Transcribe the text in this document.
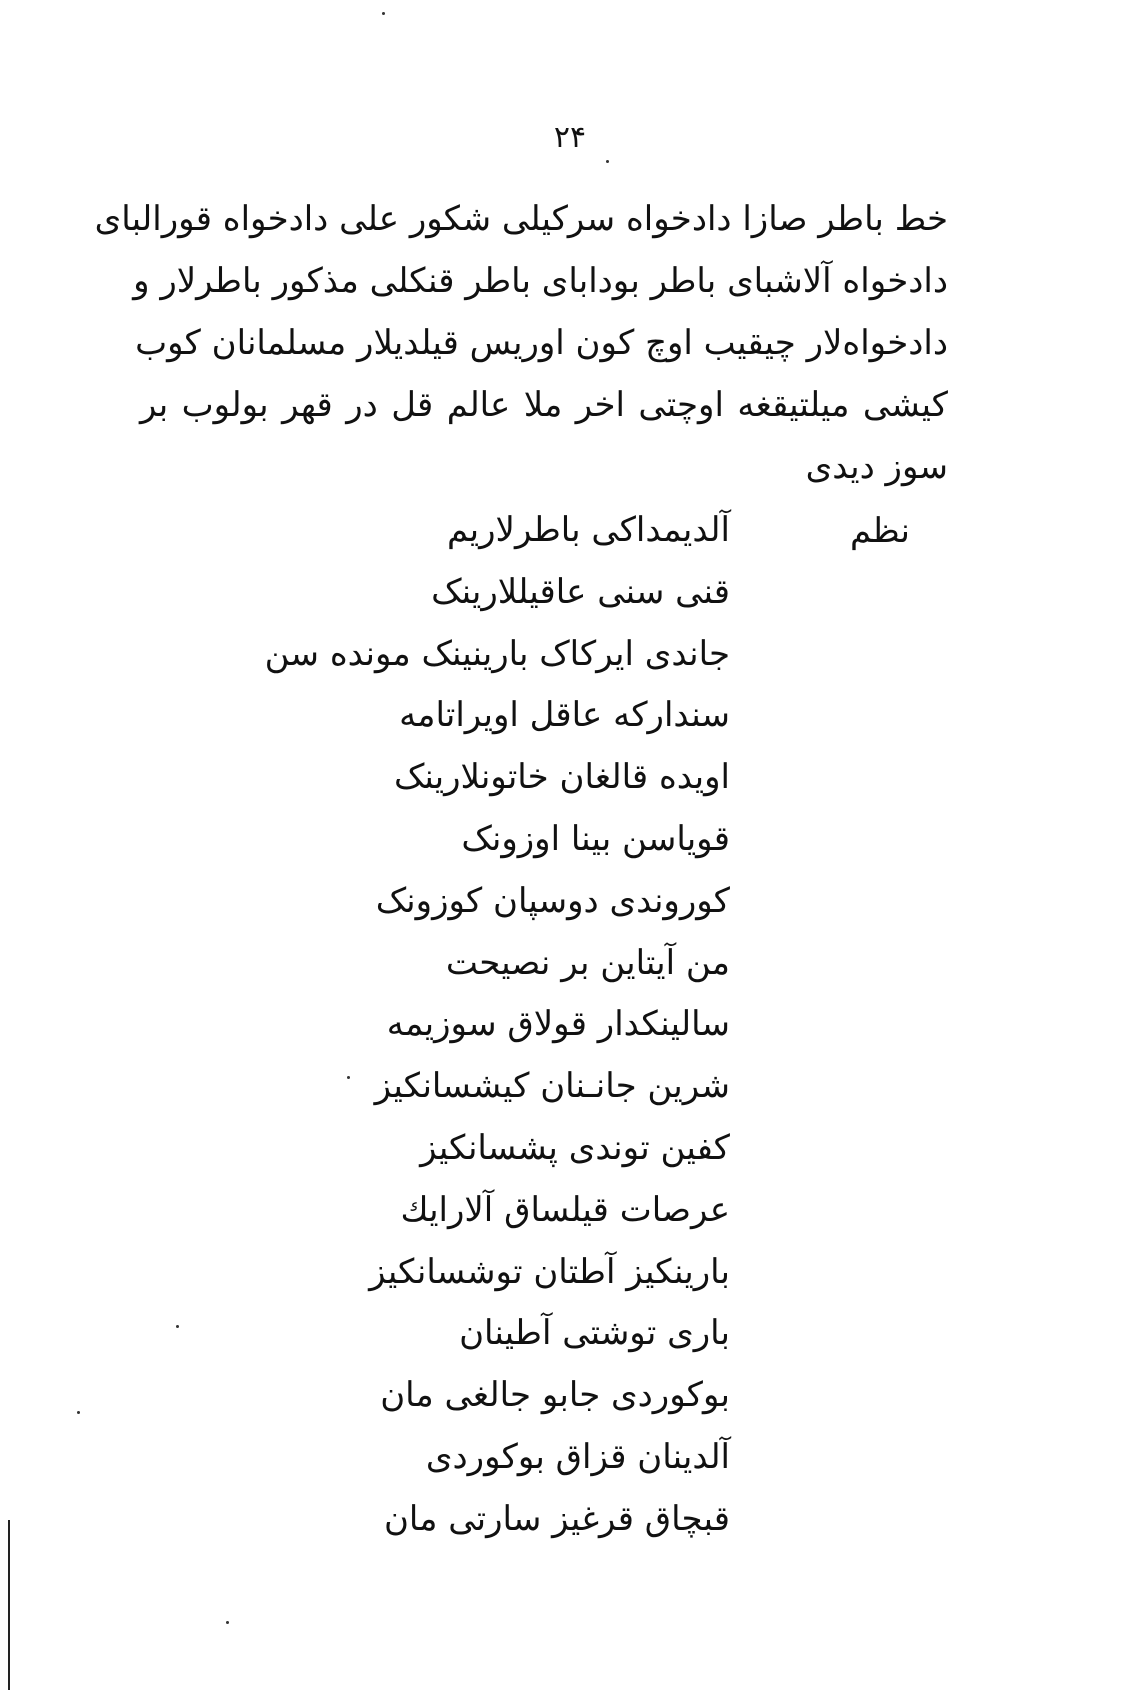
۲۴
خط باطر صازا دادخواه سرکیلی شکور علی دادخواه قورالبای
دادخواه آلاشبای باطر بودابای باطر قنکلی مذکور باطرلار و
دادخواه‌لار چیقیب اوچ کون اوریس قیلدیلار مسلمانان کوب
کیشی میلتیقغه اوچتی اخر ملا عالم قل در قهر بولوب بر
سوز دیدی
نظم
آلدیمداکی باطرلاریم
قنی سنی عاقیللارینک
جاندی ایرکاک بارینینک مونده سن
سنداركه عاقل اویراتامه
اویده قالغان خاتونلارینک
قویاسن بینا اوزونک
کوروندی دوسپان کوزونک
من آیتاین بر نصیحت
سالینکدار قولاق سوزیمه
شرین جانـنان کیشسانکیز
کفین توندی پشسانکیز
عرصات قیلساق آلارایك
بارینکیز آطتان توشسانکیز
باری توشتی آطینان
بوکوردی جابو جالغی مان
آلدینان قزاق بوکوردی
قبچاق قرغیز سارتی مان
